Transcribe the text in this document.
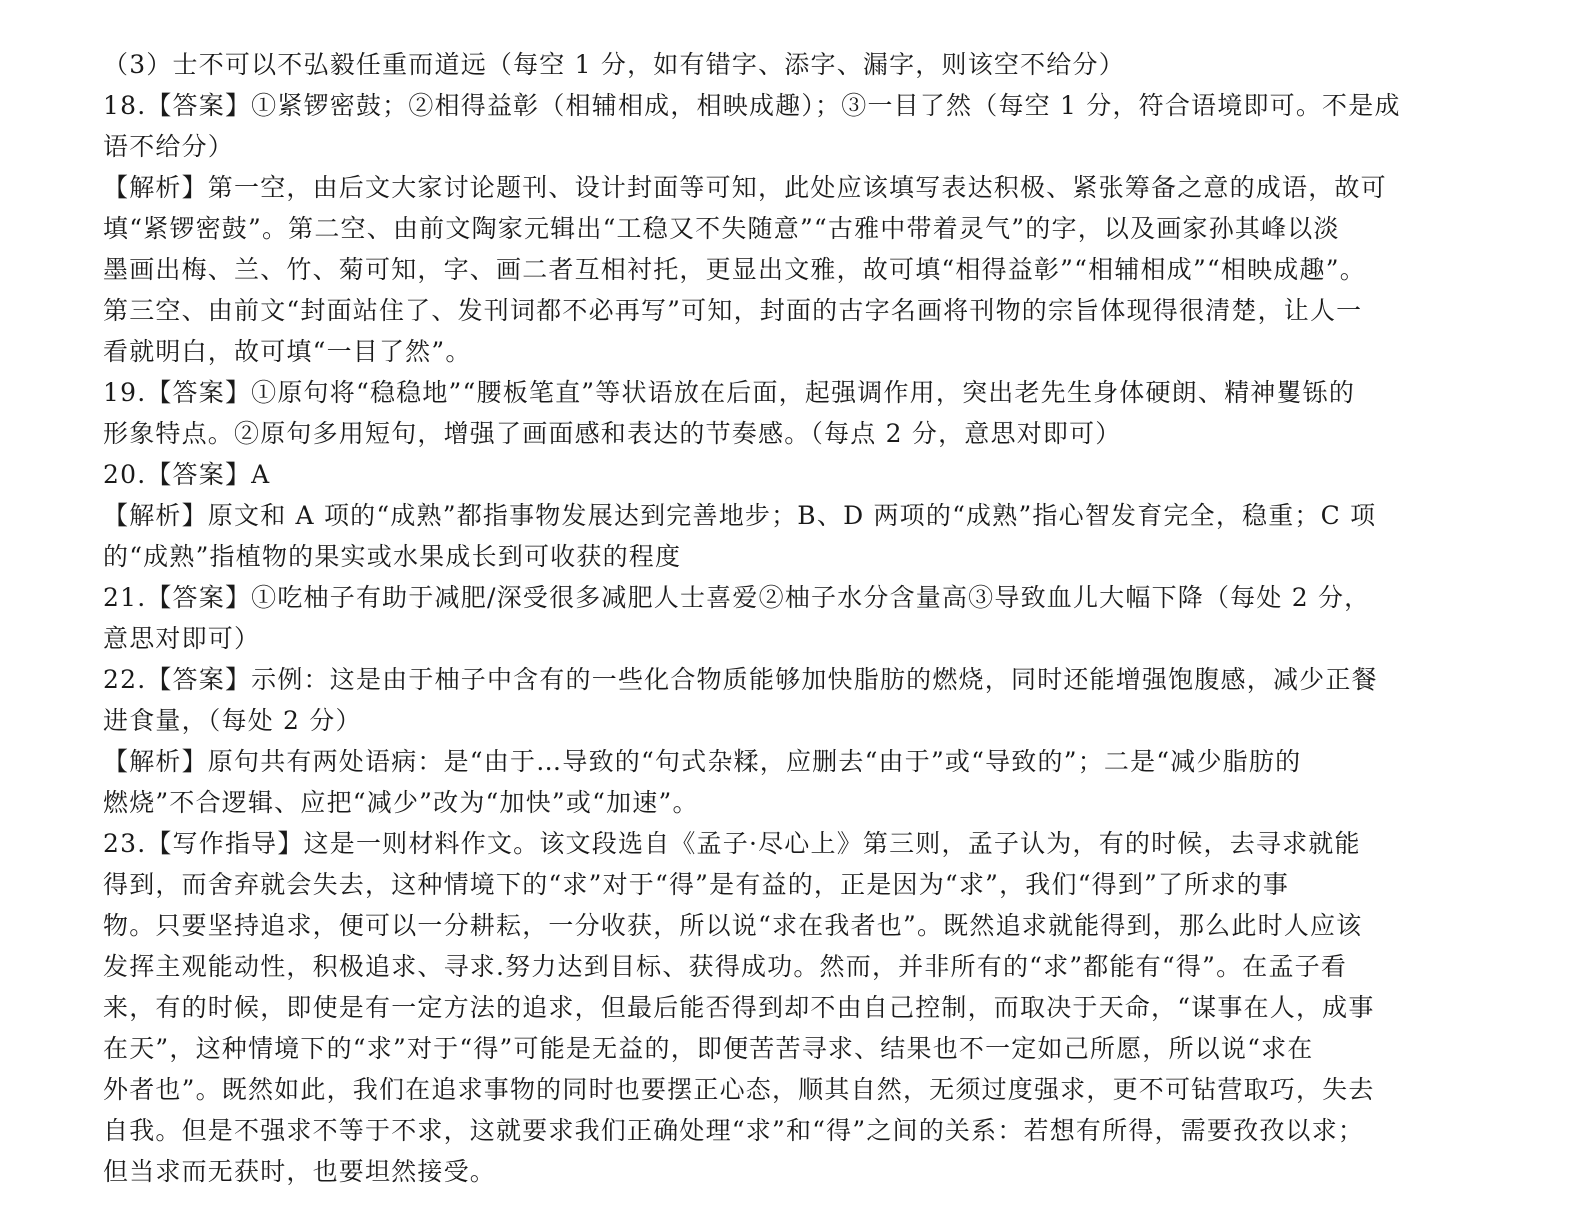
（3）士不可以不弘毅任重而道远（每空 1 分，如有错字、添字、漏字，则该空不给分）
18.【答案】①紧锣密鼓；②相得益彰（相辅相成，相映成趣）；③一目了然（每空 1 分，符合语境即可。不是成
语不给分）
【解析】第一空，由后文大家讨论题刊、设计封面等可知，此处应该填写表达积极、紧张筹备之意的成语，故可
填“紧锣密鼓”。第二空、由前文陶家元辑出“工稳又不失随意”“古雅中带着灵气”的字，以及画家孙其峰以淡
墨画出梅、兰、竹、菊可知，字、画二者互相衬托，更显出文雅，故可填“相得益彰”“相辅相成”“相映成趣”。
第三空、由前文“封面站住了、发刊词都不必再写”可知，封面的古字名画将刊物的宗旨体现得很清楚，让人一
看就明白，故可填“一目了然”。
19.【答案】①原句将“稳稳地”“腰板笔直”等状语放在后面，起强调作用，突出老先生身体硬朗、精神矍铄的
形象特点。②原句多用短句，增强了画面感和表达的节奏感。（每点 2 分，意思对即可）
20.【答案】A
【解析】原文和 A 项的“成熟”都指事物发展达到完善地步；B、D 两项的“成熟”指心智发育完全，稳重；C 项
的“成熟”指植物的果实或水果成长到可收获的程度
21.【答案】①吃柚子有助于减肥/深受很多减肥人士喜爱②柚子水分含量高③导致血儿大幅下降（每处 2 分，
意思对即可）
22.【答案】示例：这是由于柚子中含有的一些化合物质能够加快脂肪的燃烧，同时还能增强饱腹感，减少正餐
进食量，（每处 2 分）
【解析】原句共有两处语病：是“由于…导致的“句式杂糅，应删去“由于”或“导致的”；二是“减少脂肪的
燃烧”不合逻辑、应把“减少”改为“加快”或“加速”。
23.【写作指导】这是一则材料作文。该文段选自《孟子·尽心上》第三则，孟子认为，有的时候，去寻求就能
得到，而舍弃就会失去，这种情境下的“求”对于“得”是有益的，正是因为“求”，我们“得到”了所求的事
物。只要坚持追求，便可以一分耕耘，一分收获，所以说“求在我者也”。既然追求就能得到，那么此时人应该
发挥主观能动性，积极追求、寻求.努力达到目标、获得成功。然而，并非所有的“求”都能有“得”。在孟子看
来，有的时候，即使是有一定方法的追求，但最后能否得到却不由自己控制，而取决于天命，“谋事在人，成事
在天”，这种情境下的“求”对于“得”可能是无益的，即便苦苦寻求、结果也不一定如己所愿，所以说“求在
外者也”。既然如此，我们在追求事物的同时也要摆正心态，顺其自然，无须过度强求，更不可钻营取巧，失去
自我。但是不强求不等于不求，这就要求我们正确处理“求”和“得”之间的关系：若想有所得，需要孜孜以求；
但当求而无获时，也要坦然接受。
